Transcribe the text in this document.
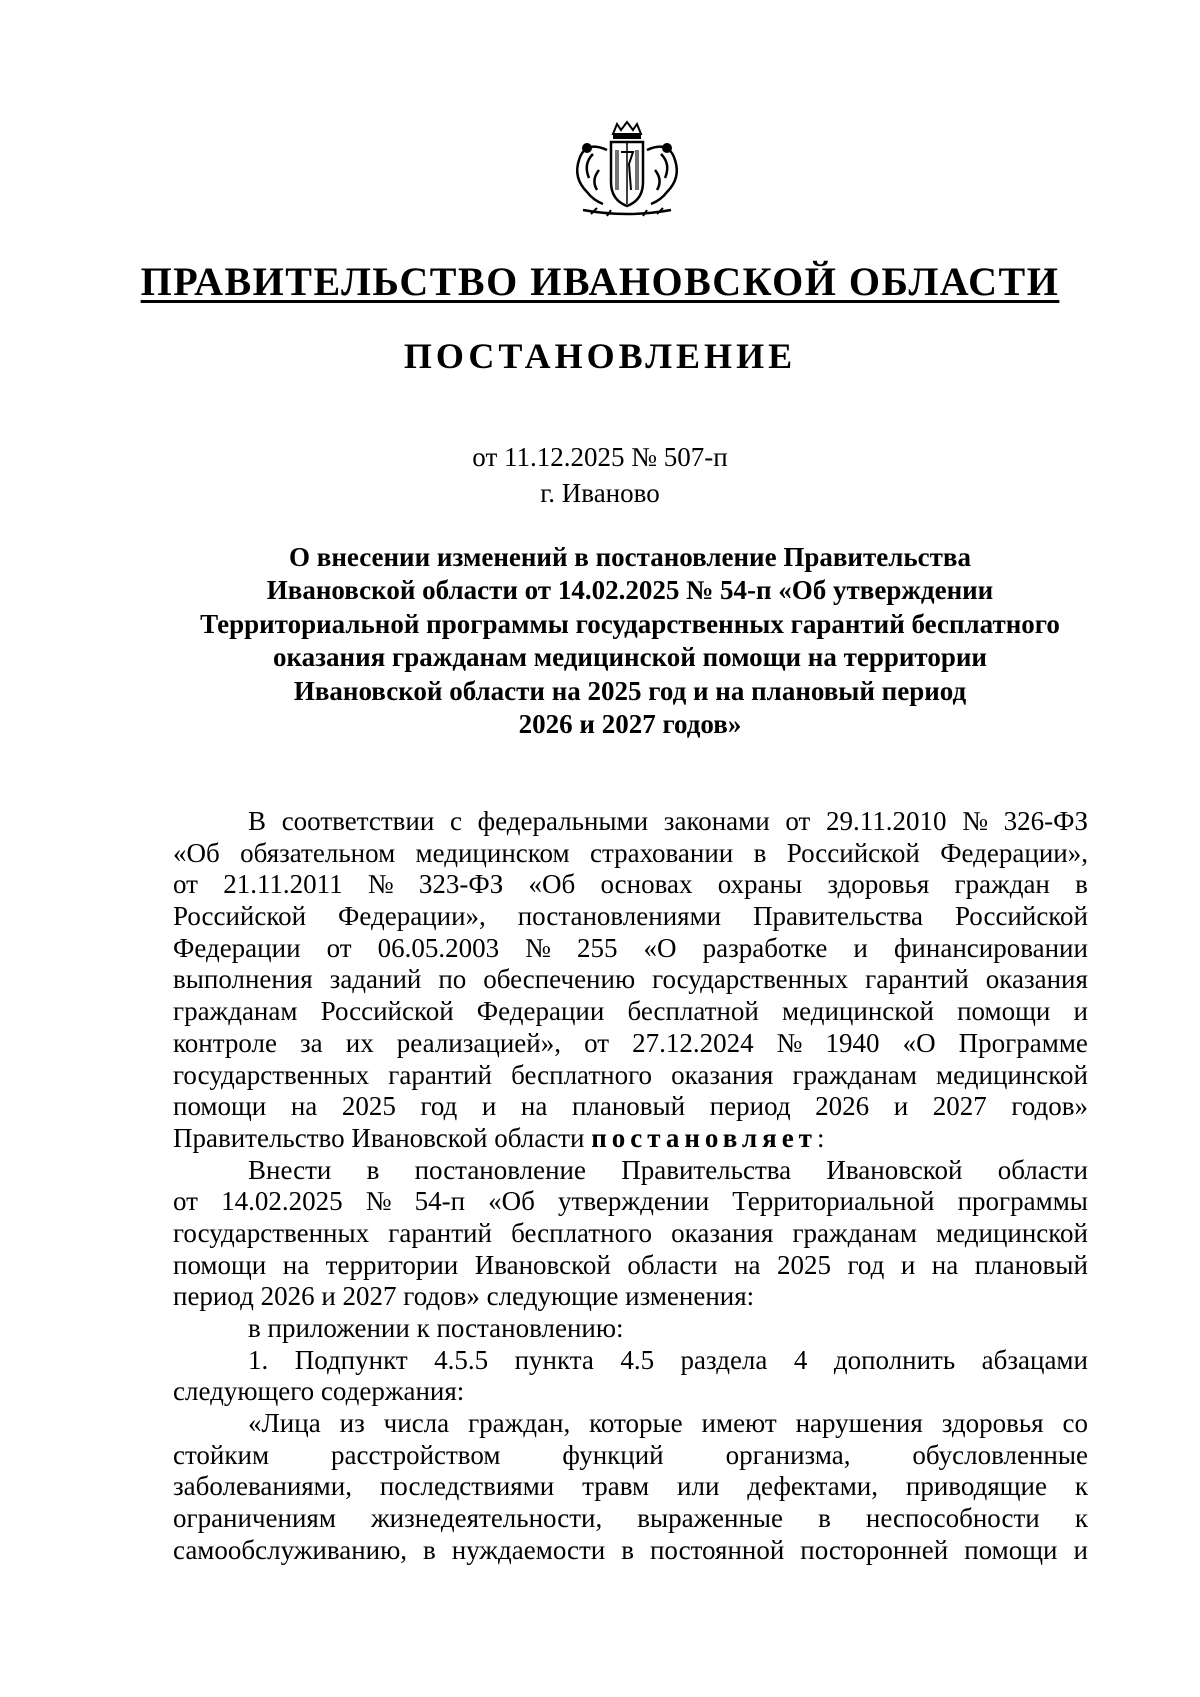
ПРАВИТЕЛЬСТВО ИВАНОВСКОЙ ОБЛАСТИ
ПОСТАНОВЛЕНИЕ
от 11.12.2025 № 507-п
г. Иваново
О внесении изменений в постановление Правительства
Ивановской области от 14.02.2025 № 54-п «Об утверждении
Территориальной программы государственных гарантий бесплатного
оказания гражданам медицинской помощи на территории
Ивановской области на 2025 год и на плановый период
2026 и 2027 годов»
В соответствии с федеральными законами от 29.11.2010 № 326-ФЗ
«Об обязательном медицинском страховании в Российской Федерации»,
от 21.11.2011 № 323-ФЗ «Об основах охраны здоровья граждан в
Российской Федерации», постановлениями Правительства Российской
Федерации от 06.05.2003 № 255 «О разработке и финансировании
выполнения заданий по обеспечению государственных гарантий оказания
гражданам Российской Федерации бесплатной медицинской помощи и
контроле за их реализацией», от 27.12.2024 № 1940 «О Программе
государственных гарантий бесплатного оказания гражданам медицинской
помощи на 2025 год и на плановый период 2026 и 2027 годов»
Правительство Ивановской области постановляет:
Внести в постановление Правительства Ивановской области
от 14.02.2025 № 54-п «Об утверждении Территориальной программы
государственных гарантий бесплатного оказания гражданам медицинской
помощи на территории Ивановской области на 2025 год и на плановый
период 2026 и 2027 годов» следующие изменения:
в приложении к постановлению:
1. Подпункт 4.5.5 пункта 4.5 раздела 4 дополнить абзацами
следующего содержания:
«Лица из числа граждан, которые имеют нарушения здоровья со
стойким расстройством функций организма, обусловленные
заболеваниями, последствиями травм или дефектами, приводящие к
ограничениям жизнедеятельности, выраженные в неспособности к
самообслуживанию, в нуждаемости в постоянной посторонней помощи и
